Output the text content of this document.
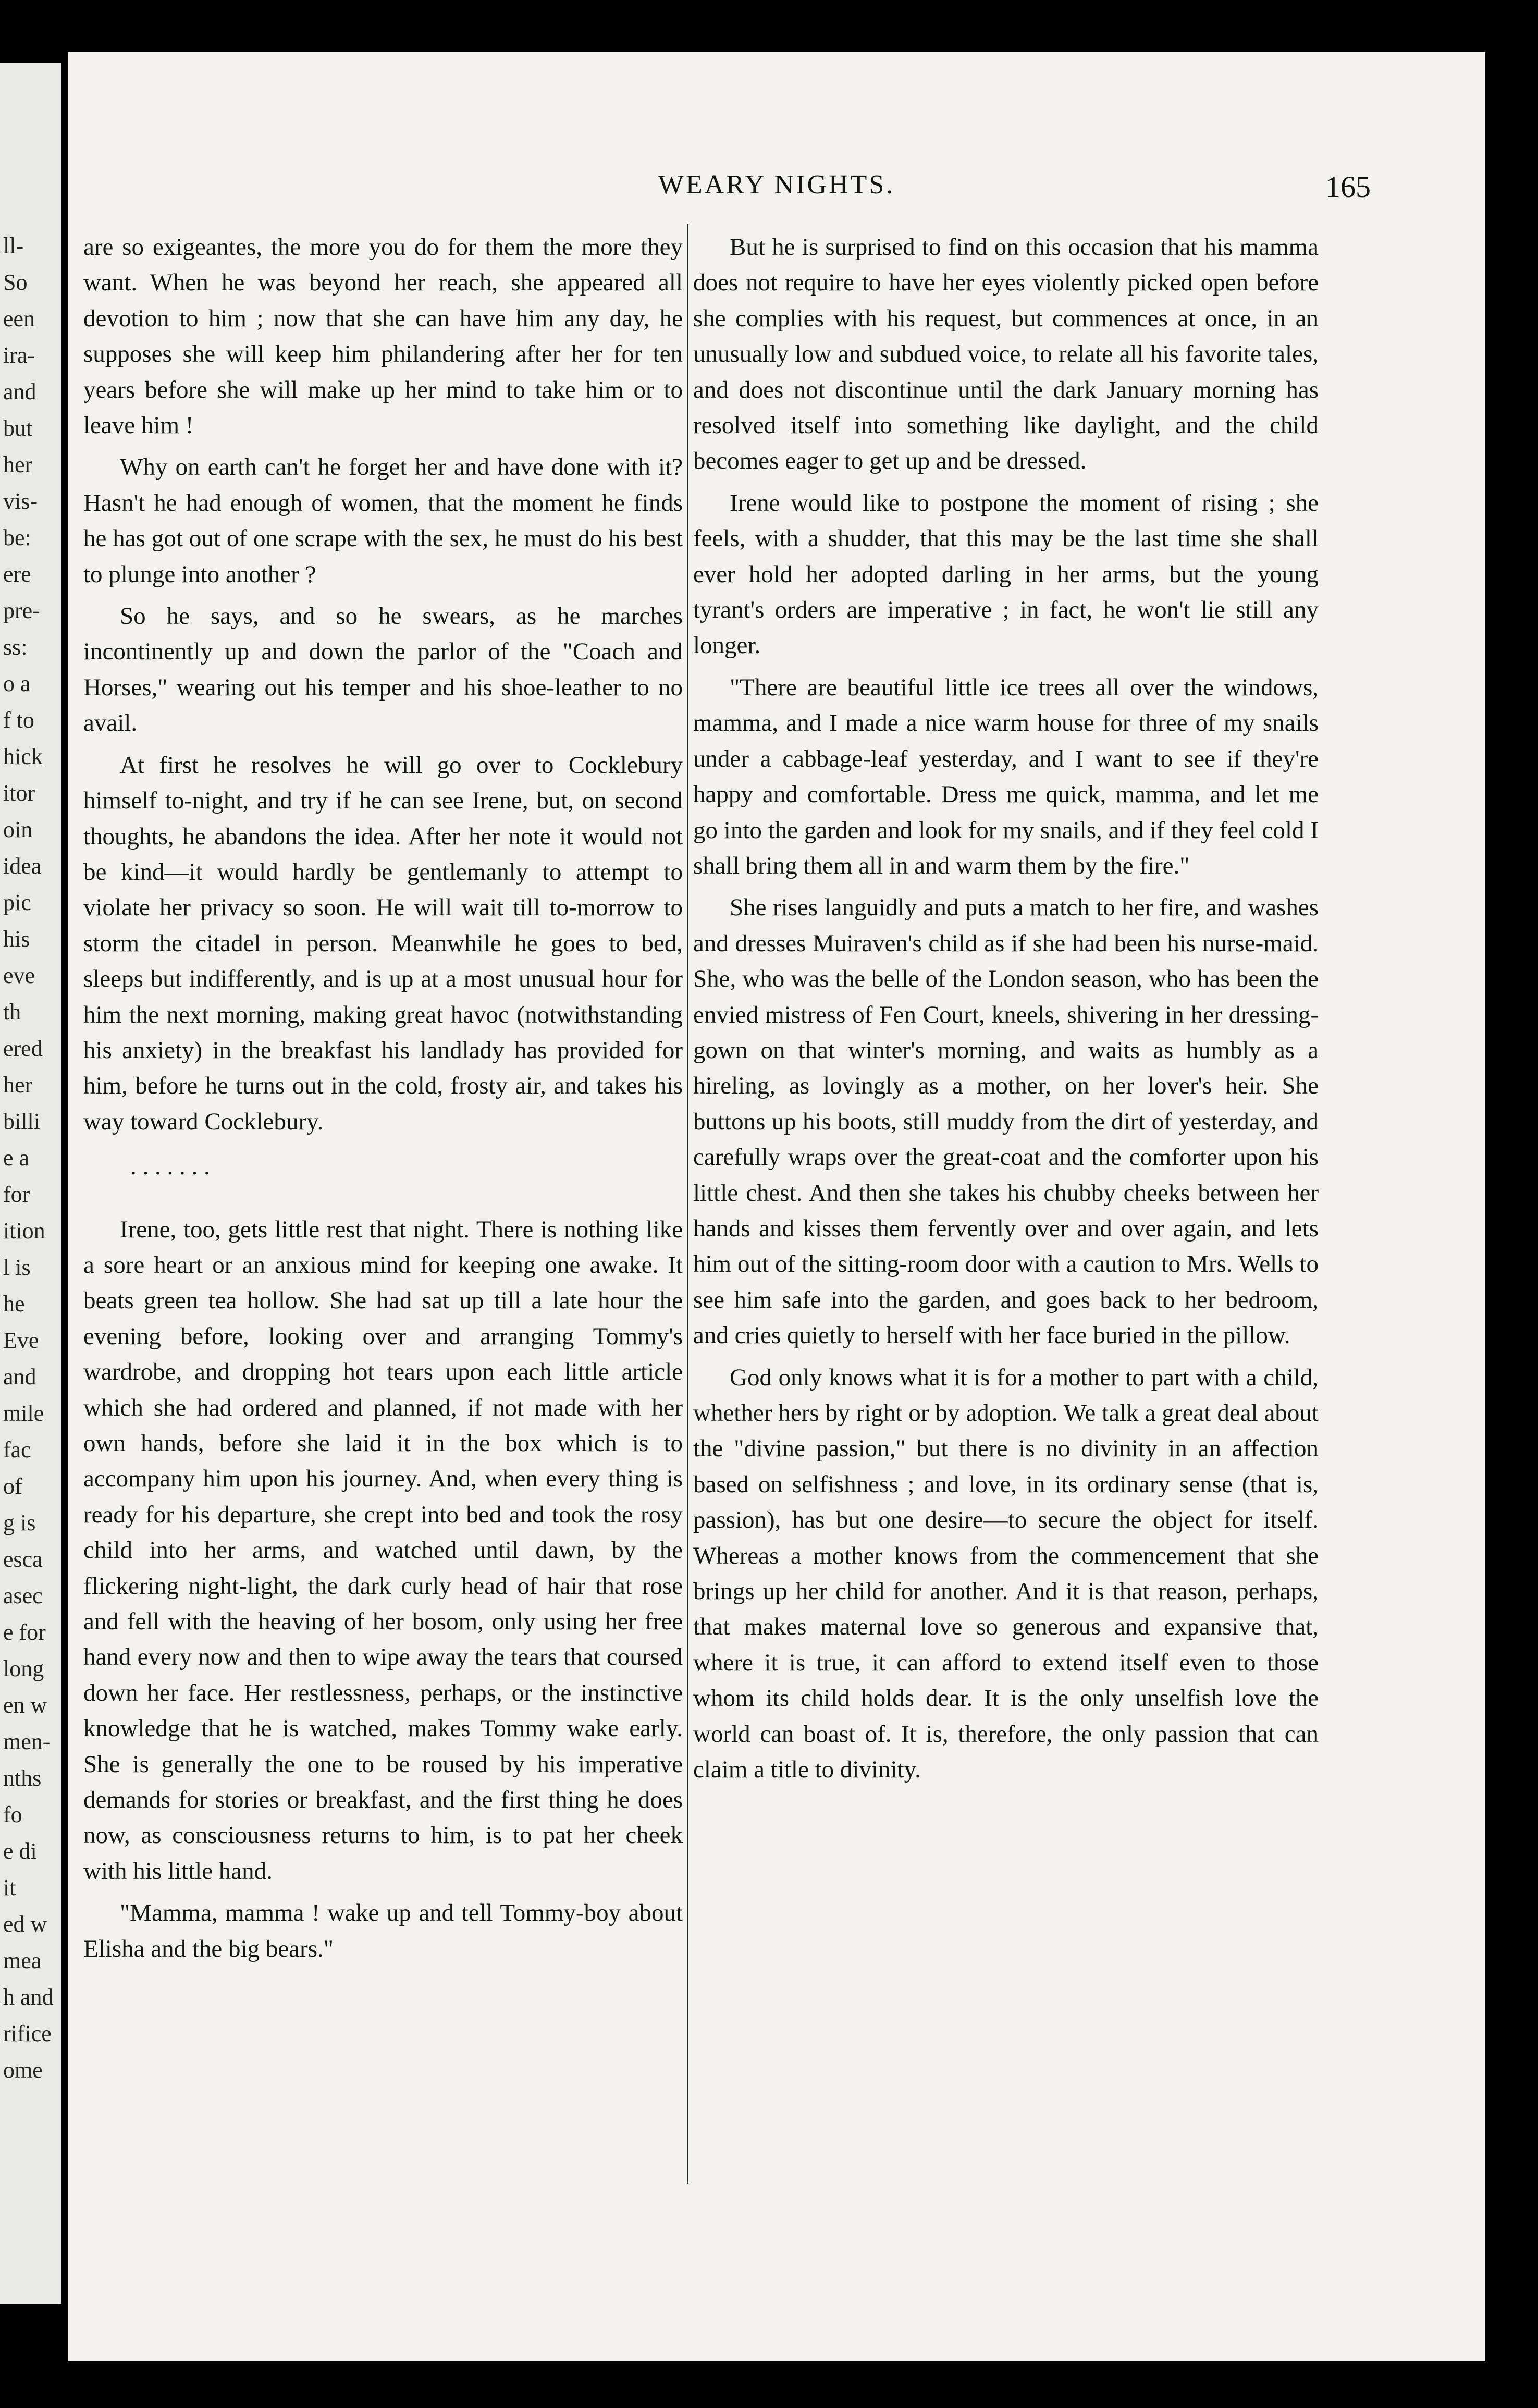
ll-
So
een
ira-
and
but
her
vis-
be:
ere
pre-
ss:
o a
f to
hick
itor
oin
idea
pic
his
eve
th
ered
her
billi
e a
for
ition
l is
he
Eve
and
mile
fac
of
g is
esca
asec
e for
long
en w
men-
nths
fo
e di
it
ed w
mea
h and
rifice
ome
WEARY NIGHTS.	165

are so exigeantes, the more you do for them the more they want. When he was beyond her reach, she appeared all devotion to him ; now that she can have him any day, he supposes she will keep him philandering after her for ten years before she will make up her mind to take him or to leave him !

Why on earth can't he forget her and have done with it? Hasn't he had enough of women, that the moment he finds he has got out of one scrape with the sex, he must do his best to plunge into another ?

So he says, and so he swears, as he marches incontinently up and down the parlor of the "Coach and Horses," wearing out his temper and his shoe-leather to no avail.

At first he resolves he will go over to Cocklebury himself to-night, and try if he can see Irene, but, on second thoughts, he abandons the idea. After her note it would not be kind—it would hardly be gentlemanly to attempt to violate her privacy so soon. He will wait till to-morrow to storm the citadel in person. Meanwhile he goes to bed, sleeps but indifferently, and is up at a most unusual hour for him the next morning, making great havoc (notwithstanding his anxiety) in the breakfast his landlady has provided for him, before he turns out in the cold, frosty air, and takes his way toward Cocklebury.

. . . . . . .

Irene, too, gets little rest that night. There is nothing like a sore heart or an anxious mind for keeping one awake. It beats green tea hollow. She had sat up till a late hour the evening before, looking over and arranging Tommy's wardrobe, and dropping hot tears upon each little article which she had ordered and planned, if not made with her own hands, before she laid it in the box which is to accompany him upon his journey. And, when every thing is ready for his departure, she crept into bed and took the rosy child into her arms, and watched until dawn, by the flickering night-light, the dark curly head of hair that rose and fell with the heaving of her bosom, only using her free hand every now and then to wipe away the tears that coursed down her face. Her restlessness, perhaps, or the instinctive knowledge that he is watched, makes Tommy wake early. She is generally the one to be roused by his imperative demands for stories or breakfast, and the first thing he does now, as consciousness returns to him, is to pat her cheek with his little hand.

"Mamma, mamma ! wake up and tell Tommy-boy about Elisha and the big bears."

But he is surprised to find on this occasion that his mamma does not require to have her eyes violently picked open before she complies with his request, but commences at once, in an unusually low and subdued voice, to relate all his favorite tales, and does not discontinue until the dark January morning has resolved itself into something like daylight, and the child becomes eager to get up and be dressed.

Irene would like to postpone the moment of rising ; she feels, with a shudder, that this may be the last time she shall ever hold her adopted darling in her arms, but the young tyrant's orders are imperative ; in fact, he won't lie still any longer.

"There are beautiful little ice trees all over the windows, mamma, and I made a nice warm house for three of my snails under a cabbage-leaf yesterday, and I want to see if they're happy and comfortable. Dress me quick, mamma, and let me go into the garden and look for my snails, and if they feel cold I shall bring them all in and warm them by the fire."

She rises languidly and puts a match to her fire, and washes and dresses Muiraven's child as if she had been his nurse-maid. She, who was the belle of the London season, who has been the envied mistress of Fen Court, kneels, shivering in her dressing-gown on that winter's morning, and waits as humbly as a hireling, as lovingly as a mother, on her lover's heir. She buttons up his boots, still muddy from the dirt of yesterday, and carefully wraps over the great-coat and the comforter upon his little chest. And then she takes his chubby cheeks between her hands and kisses them fervently over and over again, and lets him out of the sitting-room door with a caution to Mrs. Wells to see him safe into the garden, and goes back to her bedroom, and cries quietly to herself with her face buried in the pillow.

God only knows what it is for a mother to part with a child, whether hers by right or by adoption. We talk a great deal about the "divine passion," but there is no divinity in an affection based on selfishness ; and love, in its ordinary sense (that is, passion), has but one desire—to secure the object for itself. Whereas a mother knows from the commencement that she brings up her child for another. And it is that reason, perhaps, that makes maternal love so generous and expansive that, where it is true, it can afford to extend itself even to those whom its child holds dear. It is the only unselfish love the world can boast of. It is, therefore, the only passion that can claim a title to divinity.
